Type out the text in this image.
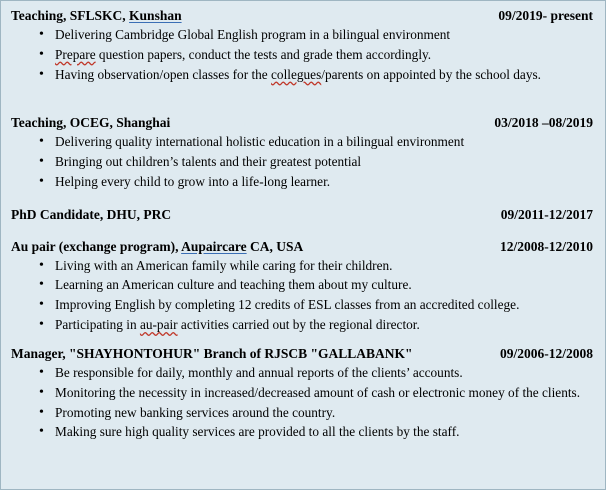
Teaching, SFLSKC, Kunshan	09/2019- present
• Delivering Cambridge Global English program in a bilingual environment
• Prepare question papers, conduct the tests and grade them accordingly.
• Having observation/open classes for the collegues/parents on appointed by the school days.
Teaching, OCEG, Shanghai	03/2018 –08/2019
• Delivering quality international holistic education in a bilingual environment
• Bringing out children’s talents and their greatest potential
• Helping every child to grow into a life-long learner.
PhD Candidate, DHU, PRC	09/2011-12/2017
Au pair (exchange program), Aupaircare CA, USA	12/2008-12/2010
• Living with an American family while caring for their children.
• Learning an American culture and teaching them about my culture.
• Improving English by completing 12 credits of ESL classes from an accredited college.
• Participating in au-pair activities carried out by the regional director.
Manager, "SHAYHONTOHUR" Branch of RJSCB "GALLABANK"	09/2006-12/2008
• Be responsible for daily, monthly and annual reports of the clients’ accounts.
• Monitoring the necessity in increased/decreased amount of cash or electronic money of the clients.
• Promoting new banking services around the country.
• Making sure high quality services are provided to all the clients by the staff.
